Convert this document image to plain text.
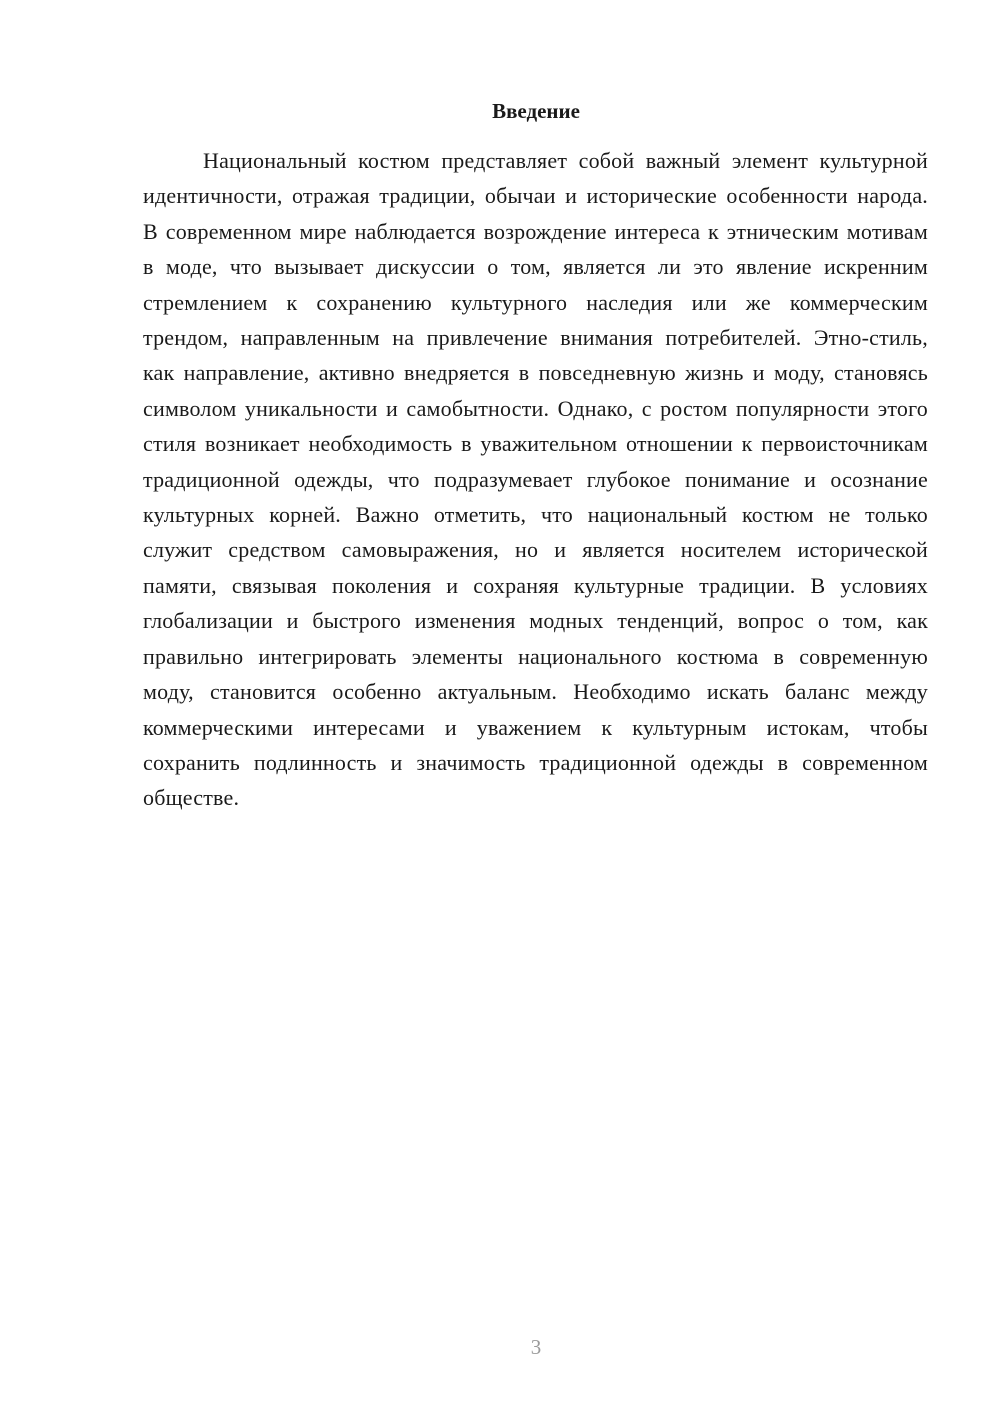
Введение

Национальный костюм представляет собой важный элемент культурной идентичности, отражая традиции, обычаи и исторические особенности народа. В современном мире наблюдается возрождение интереса к этническим мотивам в моде, что вызывает дискуссии о том, является ли это явление искренним стремлением к сохранению культурного наследия или же коммерческим трендом, направленным на привлечение внимания потребителей. Этно-стиль, как направление, активно внедряется в повседневную жизнь и моду, становясь символом уникальности и самобытности. Однако, с ростом популярности этого стиля возникает необходимость в уважительном отношении к первоисточникам традиционной одежды, что подразумевает глубокое понимание и осознание культурных корней. Важно отметить, что национальный костюм не только служит средством самовыражения, но и является носителем исторической памяти, связывая поколения и сохраняя культурные традиции. В условиях глобализации и быстрого изменения модных тенденций, вопрос о том, как правильно интегрировать элементы национального костюма в современную моду, становится особенно актуальным. Необходимо искать баланс между коммерческими интересами и уважением к культурным истокам, чтобы сохранить подлинность и значимость традиционной одежды в современном обществе.

3
